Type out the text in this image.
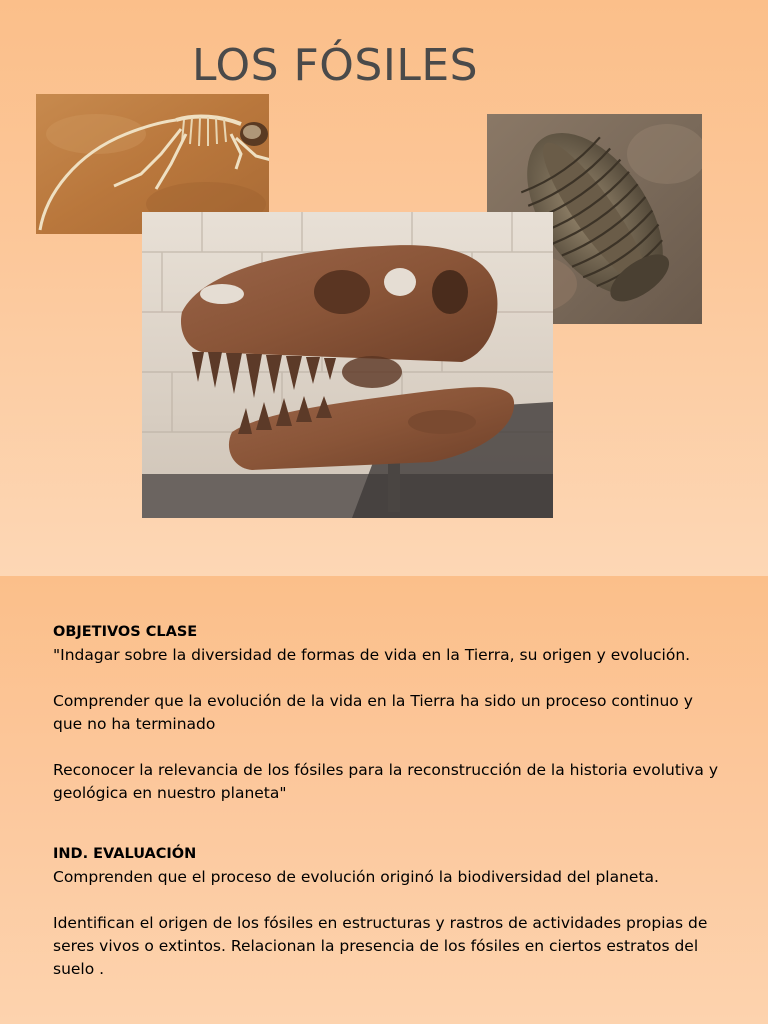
LOS FÓSILES

OBJETIVOS CLASE

"Indagar sobre la diversidad de formas de vida en la Tierra, su origen y evolución.

Comprender que la evolución de la vida en la Tierra ha sido un proceso continuo y que no ha terminado

Reconocer la relevancia de los fósiles para la reconstrucción de la historia evolutiva y geológica en nuestro planeta"

IND. EVALUACIÓN

Comprenden que el proceso de evolución originó la biodiversidad del planeta.

Identifican el origen de los fósiles en estructuras y rastros de actividades propias de seres vivos o extintos. Relacionan la presencia de los fósiles en ciertos estratos del suelo .
